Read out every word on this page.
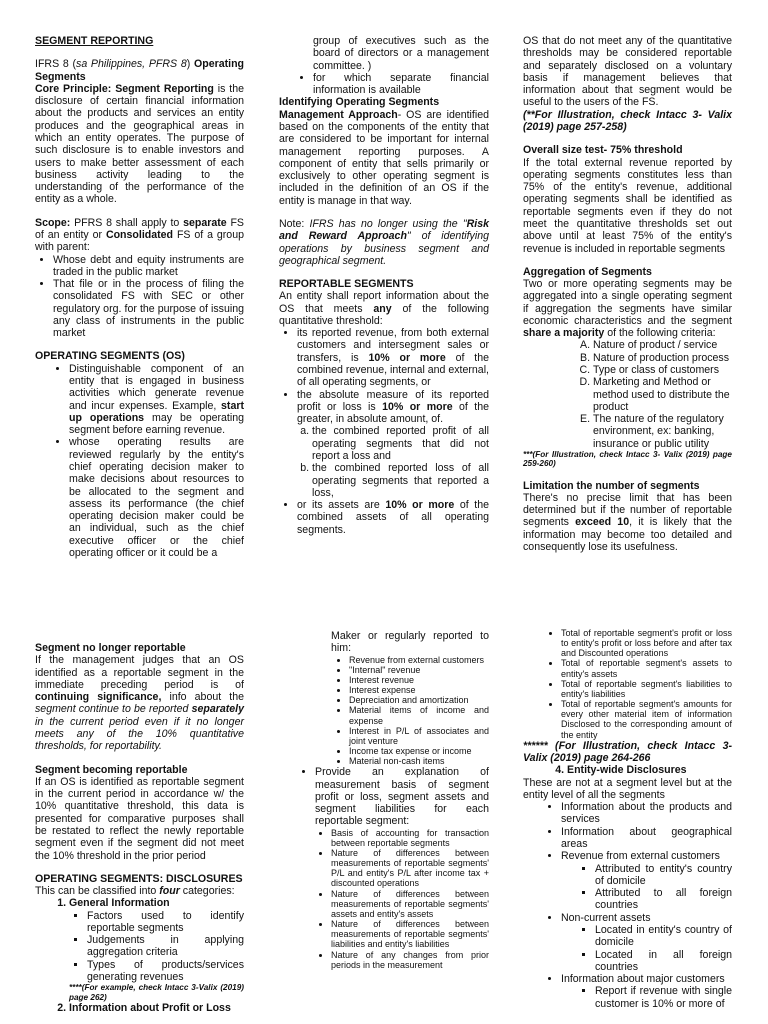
SEGMENT REPORTING

IFRS 8 (sa Philippines, PFRS 8) Operating Segments

Core Principle: Segment Reporting is the disclosure of certain financial information about the products and services an entity produces and the geographical areas in which an entity operates. The purpose of such disclosure is to enable investors and users to make better assessment of each business activity leading to the understanding of the performance of the entity as a whole.

Scope: PFRS 8 shall apply to separate FS of an entity or Consolidated FS of a group with parent:

• Whose debt and equity instruments are traded in the public market
• That file or in the process of filing the consolidated FS with SEC or other regulatory org. for the purpose of issuing any class of instruments in the public market
OPERATING SEGMENTS (OS)
• Distinguishable component of an entity that is engaged in business activities which generate revenue and incur expenses. Example, start up operations may be operating segment before earning revenue.
• whose operating results are reviewed regularly by the entity's chief operating decision maker to make decisions about resources to be allocated to the segment and assess its performance (the chief operating decision maker could be an individual, such as the chief executive officer or the chief operating officer or it could be a

group of executives such as the board of directors or a management committee. )

• for which separate financial information is available
Identifying Operating Segments

Management Approach- OS are identified based on the components of the entity that are considered to be important for internal management reporting purposes. A component of entity that sells primarily or exclusively to other operating segment is included in the definition of an OS if the entity is manage in that way.

Note: IFRS has no longer using the "Risk and Reward Approach" of identifying operations by business segment and geographical segment.

REPORTABLE SEGMENTS

An entity shall report information about the OS that meets any of the following quantitative threshold:

• its reported revenue, from both external customers and intersegment sales or transfers, is 10% or more of the combined revenue, internal and external, of all operating segments, or
• the absolute measure of its reported profit or loss is 10% or more of the greater, in absolute amount, of.
a. the combined reported profit of all operating segments that did not report a loss and
b. the combined reported loss of all operating segments that reported a loss,
• or its assets are 10% or more of the combined assets of all operating segments.

OS that do not meet any of the quantitative thresholds may be considered reportable and separately disclosed on a voluntary basis if management believes that information about that segment would be useful to the users of the FS.

(**For Illustration, check Intacc 3- Valix (2019) page 257-258)

Overall size test- 75% threshold

If the total external revenue reported by operating segments constitutes less than 75% of the entity's revenue, additional operating segments shall be identified as reportable segments even if they do not meet the quantitative thresholds set out above until at least 75% of the entity's revenue is included in reportable segments

Aggregation of Segments

Two or more operating segments may be aggregated into a single operating segment if aggregation the segments have similar economic characteristics and the segment share a majority of the following criteria:

A. Nature of product / service
B. Nature of production process
C. Type or class of customers
D. Marketing and Method or method used to distribute the product
E. The nature of the regulatory environment, ex: banking, insurance or public utility

***(For Illustration, check Intacc 3- Valix (2019) page 259-260)

Limitation the number of segments

There's no precise limit that has been determined but if the number of reportable segments exceed 10, it is likely that the information may become too detailed and consequently lose its usefulness.

Segment no longer reportable

If the management judges that an OS identified as a reportable segment in the immediate preceding period is of continuing significance, info about the segment continue to be reported separately in the current period even if it no longer meets any of the 10% quantitative thresholds, for reportability.

Segment becoming reportable

If an OS is identified as reportable segment in the current period in accordance w/ the 10% quantitative threshold, this data is presented for comparative purposes shall be restated to reflect the newly reportable segment even if the segment did not meet the 10% threshold in the prior period

OPERATING SEGMENTS: DISCLOSURES

This can be classified into four categories:

1. General Information
▪ Factors used to identify reportable segments
▪ Judgements in applying aggregation criteria
▪ Types of products/services generating revenues

****(For example, check Intacc 3-Valix (2019) page 262)

2. Information about Profit or Loss

Maker or regularly reported to him:

• Revenue from external customers
• "Internal" revenue
• Interest revenue
• Interest expense
• Depreciation and amortization
• Material items of income and expense
• Interest in P/L of associates and joint venture
• Income tax expense or income
• Material non-cash items
• Provide an explanation of measurement basis of segment profit or loss, segment assets and segment liabilities for each reportable segment:
• Basis of accounting for transaction between reportable segments
• Nature of differences between measurements of reportable segments' P/L and entity's P/L after income tax + discounted operations
• Nature of differences between measurements of reportable segments' assets and entity's assets
• Nature of differences between measurements of reportable segments' liabilities and entity's liabilities
• Nature of any changes from prior periods in the measurement
• Total of reportable segment's profit or loss to entity's profit or loss before and after tax and Discounted operations
• Total of reportable segment's assets to entity's assets
• Total of reportable segment's liabilities to entity's liabilities
• Total of reportable segment's amounts for every other material item of information Disclosed to the corresponding amount of the entity

****** (For Illustration, check Intacc 3- Valix (2019) page 264-266

4. Entity-wide Disclosures

These are not at a segment level but at the entity level of all the segments

• Information about the products and services
• Information about geographical areas
• Revenue from external customers
▪ Attributed to entity's country of domicile
▪ Attributed to all foreign countries
• Non-current assets
▪ Located in entity's country of domicile
▪ Located in all foreign countries
• Information about major customers
▪ Report if revenue with single customer is 10% or more of
